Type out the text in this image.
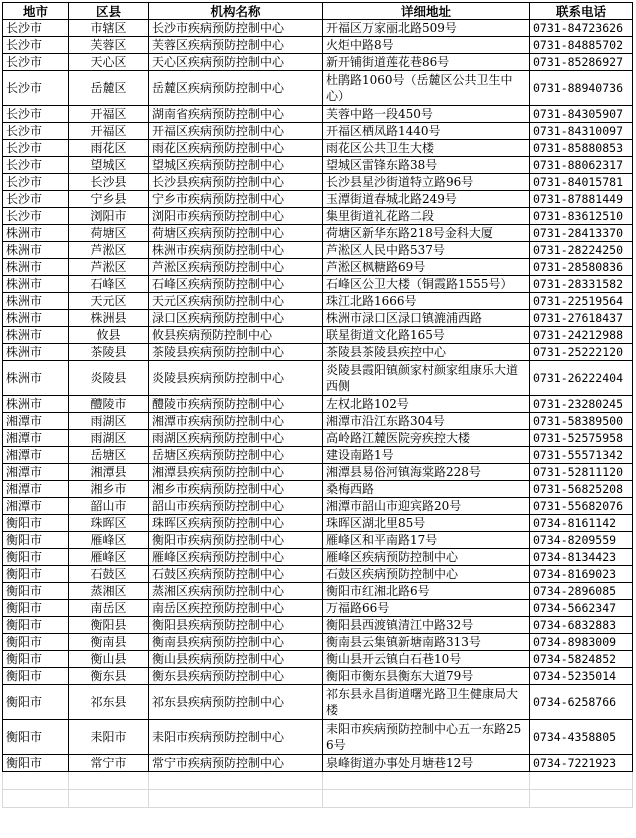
地市	区县	机构名称	详细地址	联系电话
长沙市	市辖区	长沙市疾病预防控制中心	开福区万家丽北路509号	0731-84723626
长沙市	芙蓉区	芙蓉区疾病预防控制中心	火炬中路8号	0731-84885702
长沙市	天心区	天心区疾病预防控制中心	新开铺街道莲花巷86号	0731-85286927
长沙市	岳麓区	岳麓区疾病预防控制中心	杜鹃路1060号（岳麓区公共卫生中心）	0731-88940736
长沙市	开福区	湖南省疾病预防控制中心	芙蓉中路一段450号	0731-84305907
长沙市	开福区	开福区疾病预防控制中心	开福区栖凤路1440号	0731-84310097
长沙市	雨花区	雨花区疾病预防控制中心	雨花区公共卫生大楼	0731-85880853
长沙市	望城区	望城区疾病预防控制中心	望城区雷锋东路38号	0731-88062317
长沙市	长沙县	长沙县疾病预防控制中心	长沙县星沙街道特立路96号	0731-84015781
长沙市	宁乡县	宁乡市疾病预防控制中心	玉潭街道春城北路249号	0731-87881449
长沙市	浏阳市	浏阳市疾病预防控制中心	集里街道礼花路二段	0731-83612510
株洲市	荷塘区	荷塘区疾病预防控制中心	荷塘区新华东路218号金科大厦	0731-28413370
株洲市	芦淞区	株洲市疾病预防控制中心	芦淞区人民中路537号	0731-28224250
株洲市	芦淞区	芦淞区疾病预防控制中心	芦淞区枫糖路69号	0731-28580836
株洲市	石峰区	石峰区疾病预防控制中心	石峰区公卫大楼（铜霞路1555号）	0731-28331582
株洲市	天元区	天元区疾病预防控制中心	珠江北路1666号	0731-22519564
株洲市	株洲县	渌口区疾病预防控制中心	株洲市渌口区渌口镇漉浦西路	0731-27618437
株洲市	攸县	攸县疾病预防控制中心	联星街道文化路165号	0731-24212988
株洲市	茶陵县	茶陵县疾病预防控制中心	茶陵县茶陵县疾控中心	0731-25222120
株洲市	炎陵县	炎陵县疾病预防控制中心	炎陵县霞阳镇颜家村颜家组康乐大道西侧	0731-26222404
株洲市	醴陵市	醴陵市疾病预防控制中心	左权北路102号	0731-23280245
湘潭市	雨湖区	湘潭市疾病预防控制中心	湘潭市沿江东路304号	0731-58389500
湘潭市	雨湖区	雨湖区疾病预防控制中心	高岭路江麓医院旁疾控大楼	0731-52575958
湘潭市	岳塘区	岳塘区疾病预防控制中心	建设南路1号	0731-55571342
湘潭市	湘潭县	湘潭县疾病预防控制中心	湘潭县易俗河镇海棠路228号	0731-52811120
湘潭市	湘乡市	湘乡市疾病预防控制中心	桑梅西路	0731-56825208
湘潭市	韶山市	韶山市疾病预防控制中心	湘潭市韶山市迎宾路20号	0731-55682076
衡阳市	珠晖区	珠晖区疾病预防控制中心	珠晖区湖北里85号	0734-8161142
衡阳市	雁峰区	衡阳市疾病预防控制中心	雁峰区和平南路17号	0734-8209559
衡阳市	雁峰区	雁峰区疾病预防控制中心	雁峰区疾病预防控制中心	0734-8134423
衡阳市	石鼓区	石鼓区疾病预防控制中心	石鼓区疾病预防控制中心	0734-8169023
衡阳市	蒸湘区	蒸湘区疾病预防控制中心	衡阳市红湘北路6号	0734-2896085
衡阳市	南岳区	南岳区疾控预防控制中心	万福路66号	0734-5662347
衡阳市	衡阳县	衡阳县疾病预防控制中心	衡阳县西渡镇清江中路32号	0734-6832883
衡阳市	衡南县	衡南县疾病预防控制中心	衡南县云集镇新塘南路313号	0734-8983009
衡阳市	衡山县	衡山县疾病预防控制中心	衡山县开云镇白石巷10号	0734-5824852
衡阳市	衡东县	衡东县疾病预防控制中心	衡阳市衡东县衡东大道79号	0734-5235014
衡阳市	祁东县	祁东县疾病预防控制中心	祁东县永昌街道曙光路卫生健康局大楼	0734-6258766
衡阳市	耒阳市	耒阳市疾病预防控制中心	耒阳市疾病预防控制中心五一东路256号	0734-4358805
衡阳市	常宁市	常宁市疾病预防控制中心	泉峰街道办事处月塘巷12号	0734-7221923
